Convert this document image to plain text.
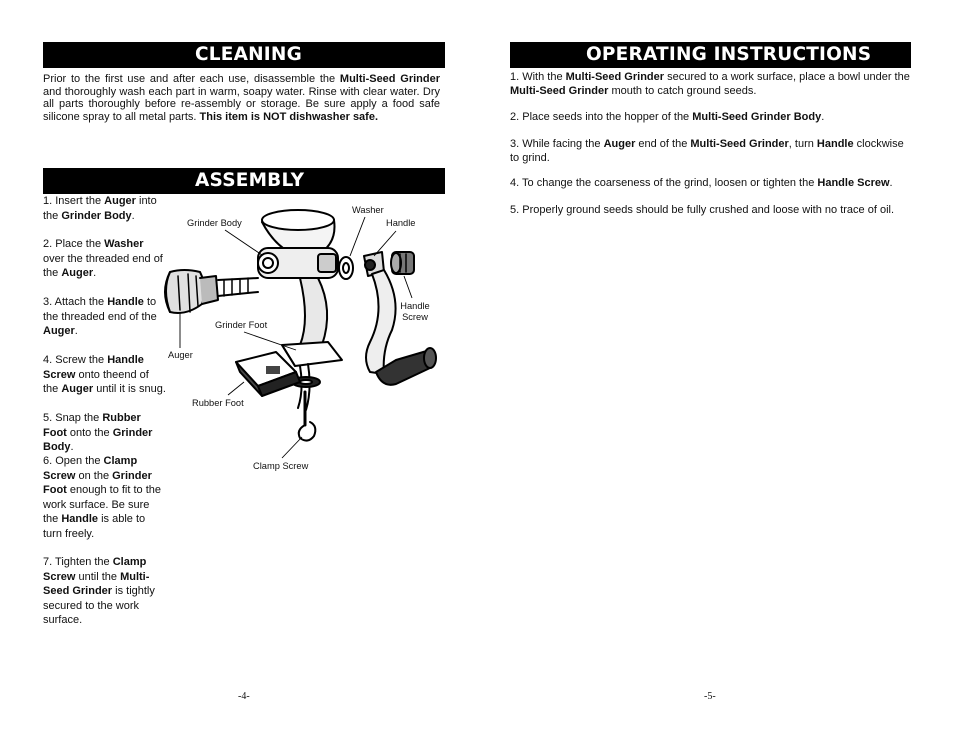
CLEANING
Prior to the first use and after each use, disassemble the Multi-Seed Grinder and thoroughly wash each part in warm, soapy water. Rinse with clear water. Dry all parts thoroughly before re-assembly or storage. Be sure apply a food safe silicone spray to all metal parts. This item is NOT dishwasher safe.
ASSEMBLY
1. Insert the Auger into the Grinder Body.
2. Place the Washer over the threaded end of the Auger.
3. Attach the Handle to the threaded end of the Auger.
4. Screw the Handle Screw onto theend of the Auger until it is snug.
5. Snap the Rubber Foot onto the Grinder Body.
6. Open the Clamp Screw on the Grinder Foot enough to fit to the work surface. Be sure the Handle is able to turn freely.
7. Tighten the Clamp Screw until the Multi-Seed Grinder is tightly secured to the work surface.
Grinder Body
Washer
Handle
Handle Screw
Grinder Foot
Auger
Rubber Foot
Clamp Screw
-4-
OPERATING INSTRUCTIONS
1. With the Multi-Seed Grinder secured to a work surface, place a bowl under the Multi-Seed Grinder mouth to catch ground seeds.
2. Place seeds into the hopper of the Multi-Seed Grinder Body.
3. While facing the Auger end of the Multi-Seed Grinder, turn Handle clockwise to grind.
4. To change the coarseness of the grind, loosen or tighten the Handle Screw.
5. Properly ground seeds should be fully crushed and loose with no trace of oil.
-5-
